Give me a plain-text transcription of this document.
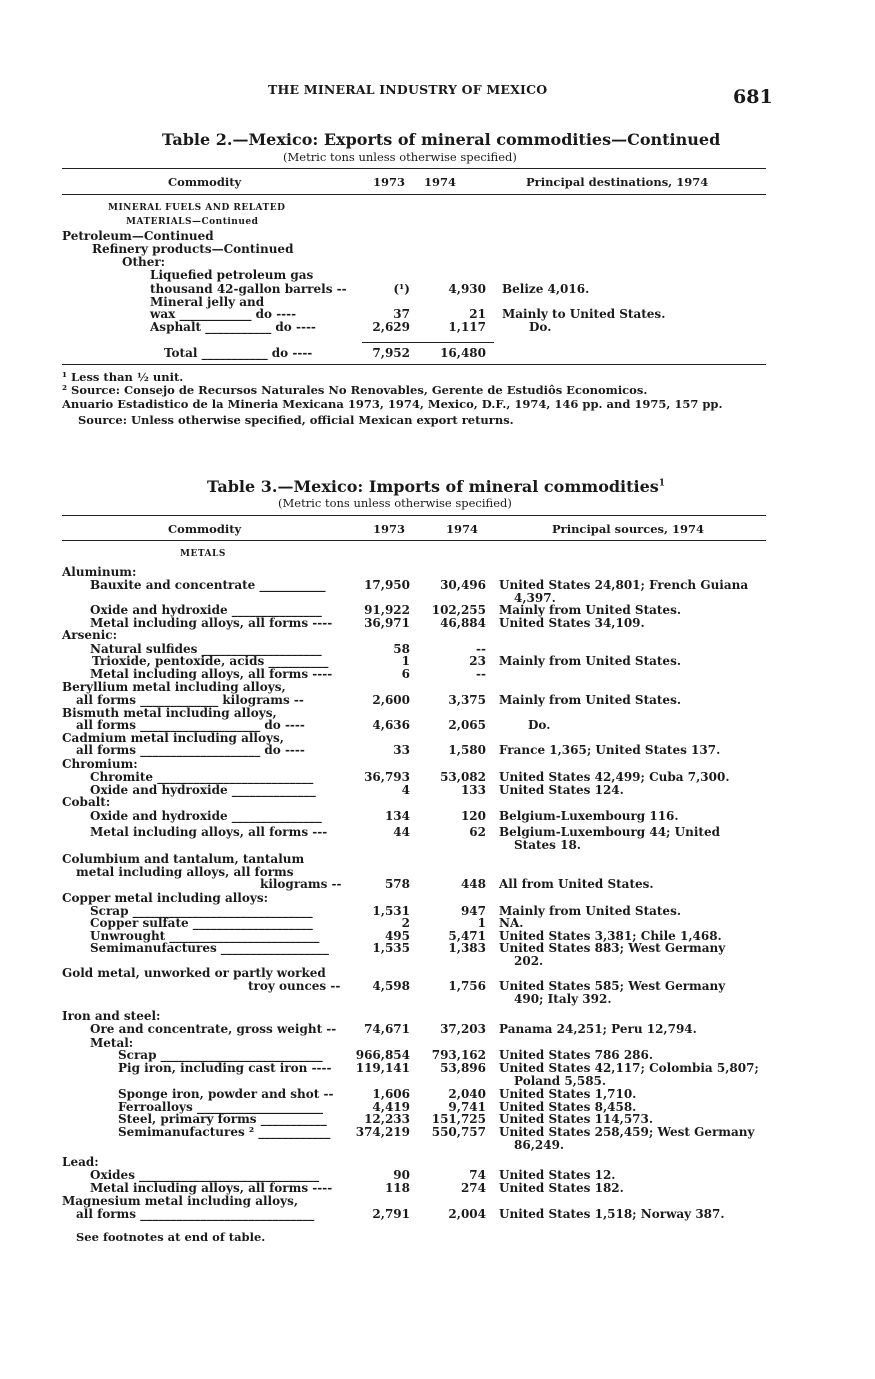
THE MINERAL INDUSTRY OF MEXICO	681
Table 2.—Mexico: Exports of mineral commodities—Continued
(Metric tons unless otherwise specified)
Commodity	1973 1974	Principal destinations, 1974
MINERAL FUELS AND RELATED
MATERIALS—Continued
Petroleum—Continued
Refinery products—Continued
Other:
Liquefied petroleum gas
thousand 42-gallon barrels --	(¹)	4,930 Belize 4,016.
Mineral jelly and
wax ____________ do ----	37	21 Mainly to United States.
Asphalt ___________ do ----	2,629	1,117	Do.
Total ___________ do ----	7,952	16,480
¹ Less than ½ unit.
² Source: Consejo de Recursos Naturales No Renovables, Gerente de Estudiôs Economicos.
Anuario Estadistico de la Mineria Mexicana 1973, 1974, Mexico, D.F., 1974, 146 pp. and 1975, 157 pp.
Source: Unless otherwise specified, official Mexican export returns.
Table 3.—Mexico: Imports of mineral commodities$^1$
(Metric tons unless otherwise specified)
Commodity	1973	1974	Principal sources, 1974
METALS
Aluminum:
Bauxite and concentrate ___________	17,950	30,496 United States 24,801; French Guiana
4,397.
Oxide and hydroxide _______________	91,922	102,255 Mainly from United States.
Metal including alloys, all forms ----	36,971	46,884 United States 34,109.
Arsenic:
Natural sulfides ____________________	58	--
Trioxide, pentoxide, acids __________	1	23 Mainly from United States.
Metal including alloys, all forms ----	6	--
Beryllium metal including alloys,
all forms _____________ kilograms --	2,600	3,375 Mainly from United States.
Bismuth metal including alloys,
all forms ____________________ do ----	4,636	2,065	Do.
Cadmium metal including alloys,
all forms ____________________ do ----	33	1,580 France 1,365; United States 137.
Chromium:
Chromite __________________________	36,793	53,082 United States 42,499; Cuba 7,300.
Oxide and hydroxide ______________	4	133 United States 124.
Cobalt:
Oxide and hydroxide _______________	134	120 Belgium-Luxembourg 116.
Metal including alloys, all forms ---	44	62 Belgium-Luxembourg 44; United
States 18.
Columbium and tantalum, tantalum
metal including alloys, all forms
kilograms --	578	448 All from United States.
Copper metal including alloys:
Scrap ______________________________	1,531	947 Mainly from United States.
Copper sulfate ____________________	2	1 NA.
Unwrought _________________________	495	5,471 United States 3,381; Chile 1,468.
Semimanufactures __________________	1,535	1,383 United States 883; West Germany
202.
Gold metal, unworked or partly worked
troy ounces --	4,598	1,756 United States 585; West Germany
490; Italy 392.
Iron and steel:
Ore and concentrate, gross weight --	74,671	37,203 Panama 24,251; Peru 12,794.
Metal:
Scrap ___________________________	966,854	793,162 United States 786 286.
Pig iron, including cast iron ----	119,141	53,896 United States 42,117; Colombia 5,807;
Poland 5,585.
Sponge iron, powder and shot --	1,606	2,040 United States 1,710.
Ferroalloys _____________________	4,419	9,741 United States 8,458.
Steel, primary forms ___________	12,233	151,725 United States 114,573.
Semimanufactures ² ____________	374,219	550,757 United States 258,459; West Germany
86,249.
Lead:
Oxides ______________________________	90	74 United States 12.
Metal including alloys, all forms ----	118	274 United States 182.
Magnesium metal including alloys,
all forms _____________________________	2,791	2,004 United States 1,518; Norway 387.
See footnotes at end of table.
